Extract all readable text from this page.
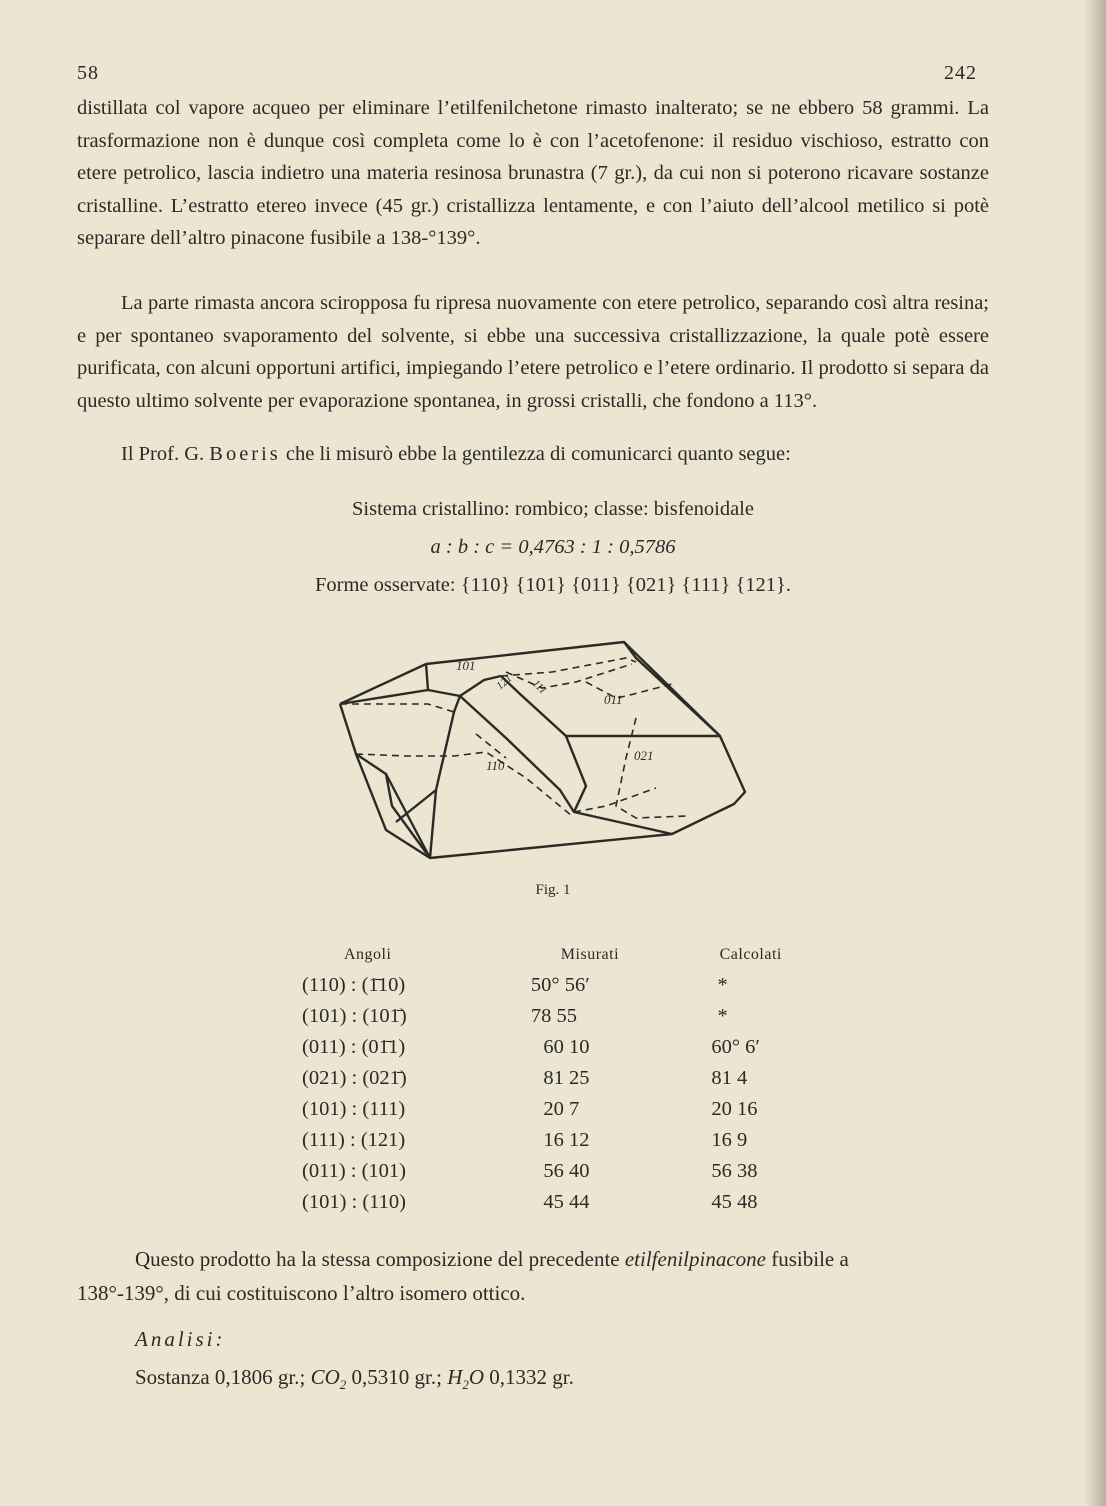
58	242

distillata col vapore acqueo per eliminare l’etilfenilchetone rimasto inalterato; se ne ebbero 58 grammi. La trasformazione non è dunque così completa come lo è con l’acetofenone: il residuo vischioso, estratto con etere petrolico, lascia indietro una materia resinosa brunastra (7 gr.), da cui non si poterono ricavare sostanze cristalline. L’estratto etereo invece (45 gr.) cristallizza lentamente, e con l’aiuto dell’alcool metilico si potè separare dell’altro pinacone fusibile a 138-°139°.

La parte rimasta ancora sciropposa fu ripresa nuovamente con etere petrolico, separando così altra resina; e per spontaneo svaporamento del solvente, si ebbe una successiva cristallizzazione, la quale potè essere purificata, con alcuni opportuni artifici, impiegando l’etere petrolico e l’etere ordinario. Il prodotto si separa da questo ultimo solvente per evaporazione spontanea, in grossi cristalli, che fondono a 113°.

Il Prof. G. Boeris che li misurò ebbe la gentilezza di comunicarci quanto segue:

Sistema cristallino: rombico; classe: bisfenoidale
a : b : c = 0,4763 : 1 : 0,5786
Forme osservate: {110} {101} {011} {021} {111} {121}.
101
111
121
011
110
021
Fig. 1
Angoli	Misurati	Calcolati
(110) : (1̄10)	50° 56′	*
(101) : (101̄)	78 55	*
(011) : (01̄1)	60 10	60° 6′
(021) : (021̄)	81 25	81 4
(101) : (111)	20 7	20 16
(111) : (121)	16 12	16 9
(011) : (101)	56 40	56 38
(101) : (110)	45 44	45 48
Questo prodotto ha la stessa composizione del precedente etilfenilpinacone fusibile a
138°-139°, di cui costituiscono l’altro isomero ottico.
Analisi:
Sostanza 0,1806 gr.; $CO_2$ 0,5310 gr.; $H_2O$ 0,1332 gr.
